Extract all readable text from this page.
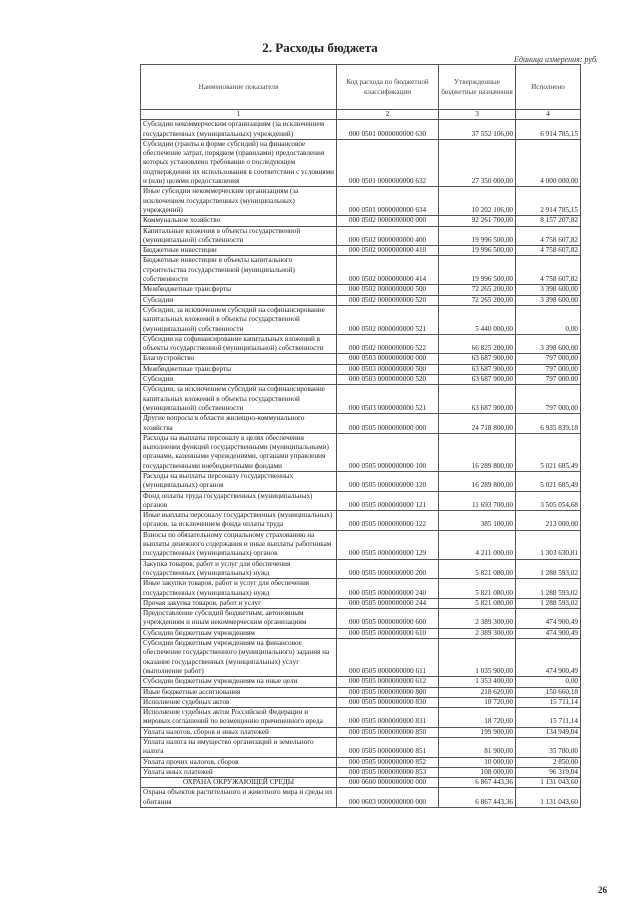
2. Расходы бюджета
Единица измерения: руб.
Наименование показателя	Код расхода по бюджетной классификации	Утвержденные бюджетные назначения	Исполнено
1	2	3	4
Субсидии некоммерческим организациям (за исключением государственных (муниципальных) учреждений)	000 0501 0000000000 630	37 552 106,00	6 914 785,15
Субсидии (гранты в форме субсидий) на финансовое обеспечение затрат, порядком (правилами) предоставления которых установлено требование о последующем подтверждении их использования в соответствии с условиями и (или) целями предоставления	000 0501 0000000000 632	27 350 000,00	4 000 000,00
Иные субсидии некоммерческим организациям (за исключением государственных (муниципальных) учреждений)	000 0501 0000000000 634	10 202 106,00	2 914 785,15
Коммунальное хозяйство	000 0502 0000000000 000	92 261 700,00	8 157 207,82
Капитальные вложения в объекты государственной (муниципальной) собственности	000 0502 0000000000 400	19 996 500,00	4 758 607,82
Бюджетные инвестиции	000 0502 0000000000 410	19 996 500,00	4 758 607,82
Бюджетные инвестиции в объекты капитального строительства государственной (муниципальной) собственности	000 0502 0000000000 414	19 996 500,00	4 758 607,82
Межбюджетные трансферты	000 0502 0000000000 500	72 265 200,00	3 398 600,00
Субсидии	000 0502 0000000000 520	72 265 200,00	3 398 600,00
Субсидии, за исключением субсидий на софинансирование капитальных вложений в объекты государственной (муниципальной) собственности	000 0502 0000000000 521	5 440 000,00	0,00
Субсидии на софинансирование капитальных вложений в объекты государственной (муниципальной) собственности	000 0502 0000000000 522	66 825 200,00	3 398 600,00
Благоустройство	000 0503 0000000000 000	63 687 900,00	797 000,00
Межбюджетные трансферты	000 0503 0000000000 500	63 687 900,00	797 000,00
Субсидии	000 0503 0000000000 520	63 687 900,00	797 000,00
Субсидии, за исключением субсидий на софинансирование капитальных вложений в объекты государственной (муниципальной) собственности	000 0503 0000000000 521	63 687 900,00	797 000,00
Другие вопросы в области жилищно-коммунального хозяйства	000 0505 0000000000 000	24 718 800,00	6 935 839,18
Расходы на выплаты персоналу в целях обеспечения выполнения функций государственными (муниципальными) органами, казенными учреждениями, органами управления государственными внебюджетными фондами	000 0505 0000000000 100	16 289 800,00	5 021 685,49
Расходы на выплаты персоналу государственных (муниципальных) органов	000 0505 0000000000 120	16 289 800,00	5 021 685,49
Фонд оплаты труда государственных (муниципальных) органов	000 0505 0000000000 121	11 693 700,00	3 505 054,68
Иные выплаты персоналу государственных (муниципальных) органов, за исключением фонда оплаты труда	000 0505 0000000000 122	385 100,00	213 000,00
Взносы по обязательному социальному страхованию на выплаты денежного содержания и иные выплаты работникам государственных (муниципальных) органов	000 0505 0000000000 129	4 211 000,00	1 303 630,81
Закупка товаров, работ и услуг для обеспечения государственных (муниципальных) нужд	000 0505 0000000000 200	5 821 080,00	1 288 593,02
Иные закупки товаров, работ и услуг для обеспечения государственных (муниципальных) нужд	000 0505 0000000000 240	5 821 080,00	1 288 593,02
Прочая закупка товаров, работ и услуг	000 0505 0000000000 244	5 821 080,00	1 288 593,02
Предоставление субсидий бюджетным, автономным учреждениям и иным некоммерческим организациям	000 0505 0000000000 600	2 389 300,00	474 900,49
Субсидии бюджетным учреждениям	000 0505 0000000000 610	2 389 300,00	474 900,49
Субсидии бюджетным учреждениям на финансовое обеспечение государственного (муниципального) задания на оказание государственных (муниципальных) услуг (выполнение работ)	000 0505 0000000000 611	1 035 900,00	474 900,49
Субсидии бюджетным учреждениям на иные цели	000 0505 0000000000 612	1 353 400,00	0,00
Иные бюджетные ассигнования	000 0505 0000000000 800	218 620,00	150 660,18
Исполнение судебных актов	000 0505 0000000000 830	18 720,00	15 711,14
Исполнение судебных актов Российской Федерации и мировых соглашений по возмещению причиненного вреда	000 0505 0000000000 831	18 720,00	15 711,14
Уплата налогов, сборов и иных платежей	000 0505 0000000000 850	199 900,00	134 949,04
Уплата налога на имущество организаций и земельного налога	000 0505 0000000000 851	81 900,00	35 780,00
Уплата прочих налогов, сборов	000 0505 0000000000 852	10 000,00	2 850,00
Уплата иных платежей	000 0505 0000000000 853	108 000,00	96 319,04
ОХРАНА ОКРУЖАЮЩЕЙ СРЕДЫ	000 0600 0000000000 000	6 867 443,36	1 131 043,60
Охрана объектов растительного и животного мира и среды их обитания	000 0603 0000000000 000	6 867 443,36	1 131 043,60
26
